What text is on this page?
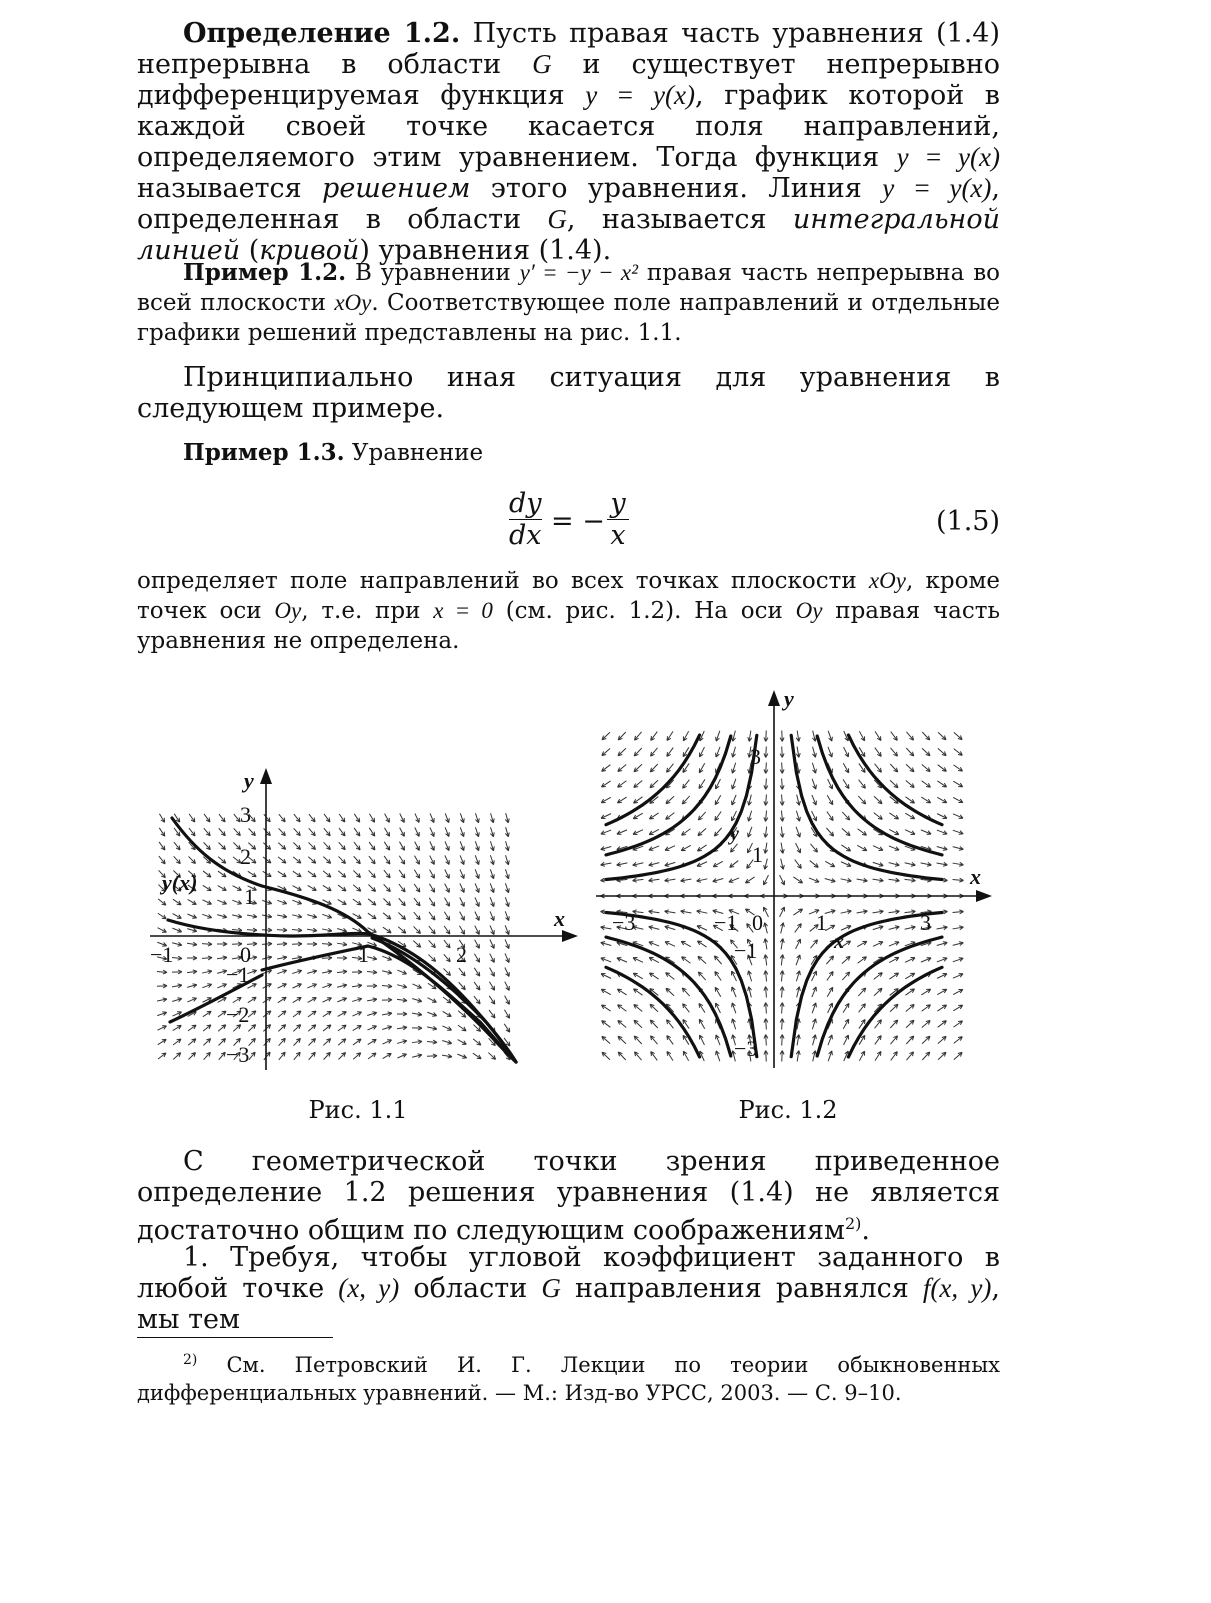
Определение 1.2. Пусть правая часть уравнения (1.4) непрерывна в области G и существует непрерывно дифференцируемая функция y = y(x), график которой в каждой своей точке касается поля направлений, определяемого этим уравнением. Тогда функция y = y(x) называется решением этого уравнения. Линия y = y(x), определенная в области G, называется интегральной линией (кривой) уравнения (1.4).
Пример 1.2. В уравнении y′ = −y − x² правая часть непрерывна во всей плоскости xOy. Соответствующее поле направлений и отдельные графики решений представлены на рис. 1.1.
Принципиально иная ситуация для уравнения в следующем примере.
Пример 1.3. Уравнение
dy
dx = −
y
x	(1.5)
определяет поле направлений во всех точках плоскости xOy, кроме точек оси Oy, т.е. при x = 0 (см. рис. 1.2). На оси Oy правая часть уравнения не определена.
x
y
y(x)
−1	0	1	2
3
2
1
−1
−2
−3
Рис. 1.1
x
y
−3	−1 0 1	3
3
1
−1
−3
y
x
Рис. 1.2
С геометрической точки зрения приведенное определение 1.2 решения уравнения (1.4) не является достаточно общим по следующим соображениям$^{2)}$.
1. Требуя, чтобы угловой коэффициент заданного в любой точке (x, y) области G направления равнялся f(x, y), мы тем
$^{2)}$ См. Петровский И. Г. Лекции по теории обыкновенных дифференциальных уравнений. — М.: Изд-во УРСС, 2003. — С. 9–10.
